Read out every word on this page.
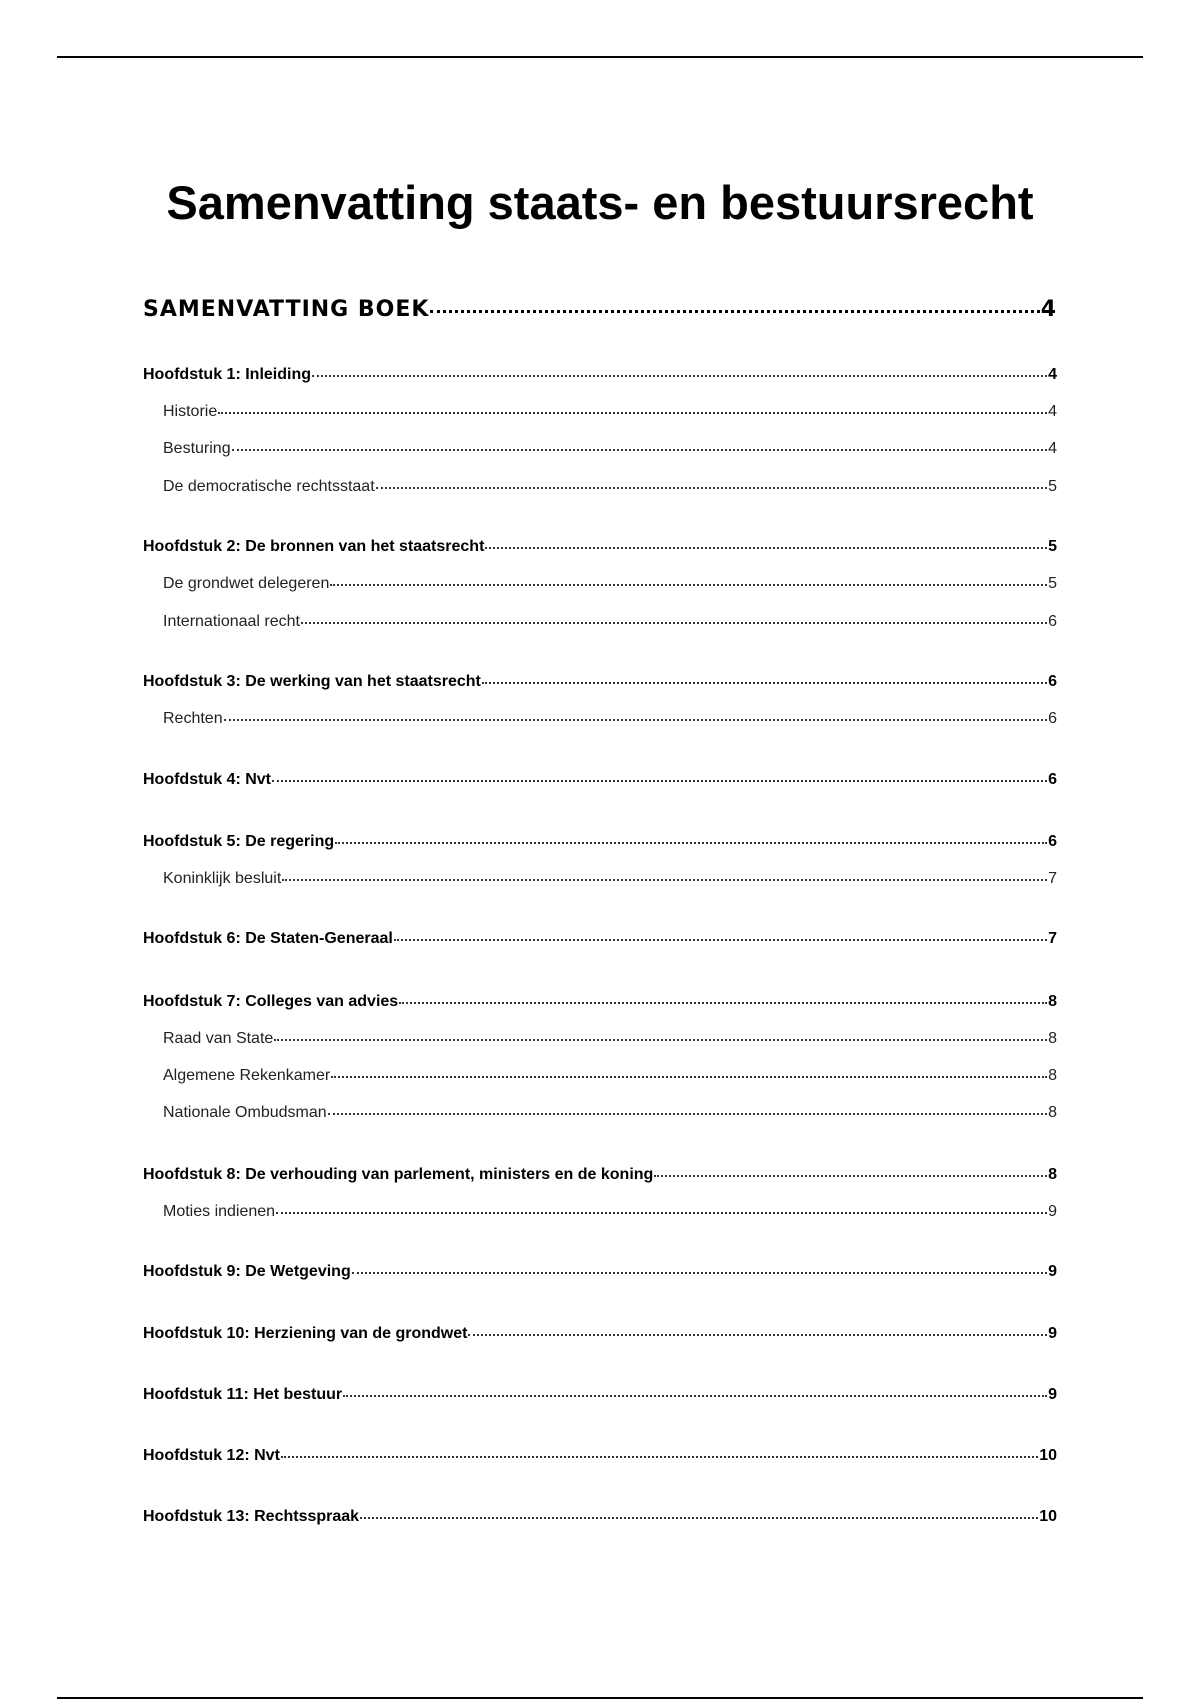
Samenvatting staats- en bestuursrecht
SAMENVATTING BOEK	4
Hoofdstuk 1: Inleiding	4
Historie	4
Besturing	4
De democratische rechtsstaat	5
Hoofdstuk 2: De bronnen van het staatsrecht	5
De grondwet delegeren	5
Internationaal recht	6
Hoofdstuk 3: De werking van het staatsrecht	6
Rechten	6
Hoofdstuk 4: Nvt	6
Hoofdstuk 5: De regering	6
Koninklijk besluit	7
Hoofdstuk 6: De Staten-Generaal	7
Hoofdstuk 7: Colleges van advies	8
Raad van State	8
Algemene Rekenkamer	8
Nationale Ombudsman	8
Hoofdstuk 8: De verhouding van parlement, ministers en de koning	8
Moties indienen	9
Hoofdstuk 9: De Wetgeving	9
Hoofdstuk 10: Herziening van de grondwet	9
Hoofdstuk 11: Het bestuur	9
Hoofdstuk 12: Nvt	10
Hoofdstuk 13: Rechtsspraak	10
